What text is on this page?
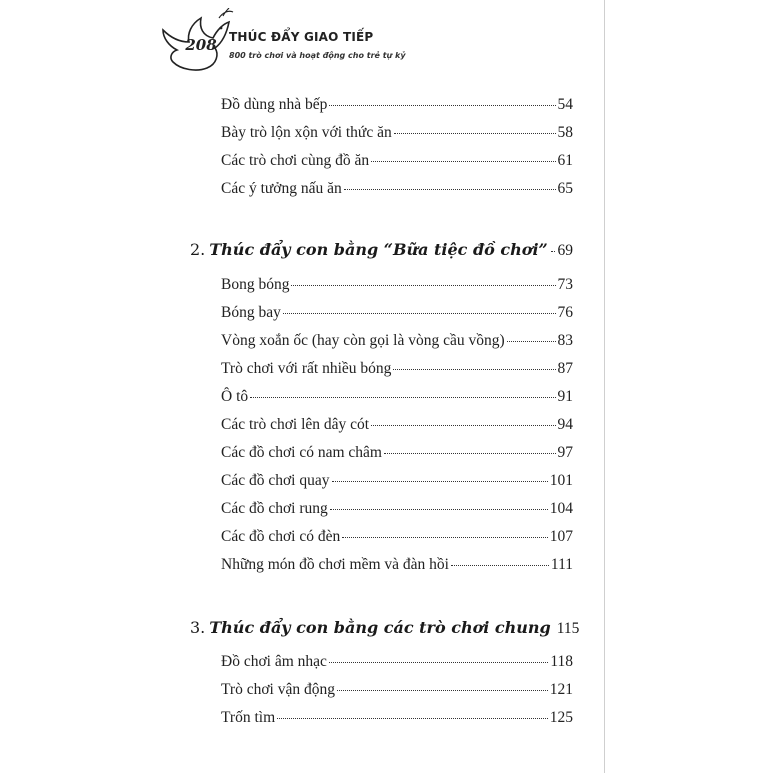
208	THÚC ĐẨY GIAO TIẾP
800 trò chơi và hoạt động cho trẻ tự kỷ
Đồ dùng nhà bếp	54
Bày trò lộn xộn với thức ăn	58
Các trò chơi cùng đồ ăn	61
Các ý tưởng nấu ăn	65
2. Thúc đẩy con bằng “Bữa tiệc đồ chơi” 69
Bong bóng	73
Bóng bay	76
Vòng xoắn ốc (hay còn gọi là vòng cầu vồng)	83
Trò chơi với rất nhiều bóng	87
Ô tô	91
Các trò chơi lên dây cót	94
Các đồ chơi có nam châm	97
Các đồ chơi quay	101
Các đồ chơi rung	104
Các đồ chơi có đèn	107
Những món đồ chơi mềm và đàn hồi	111
3. Thúc đẩy con bằng các trò chơi chung 115
Đồ chơi âm nhạc	118
Trò chơi vận động	121
Trốn tìm	125
